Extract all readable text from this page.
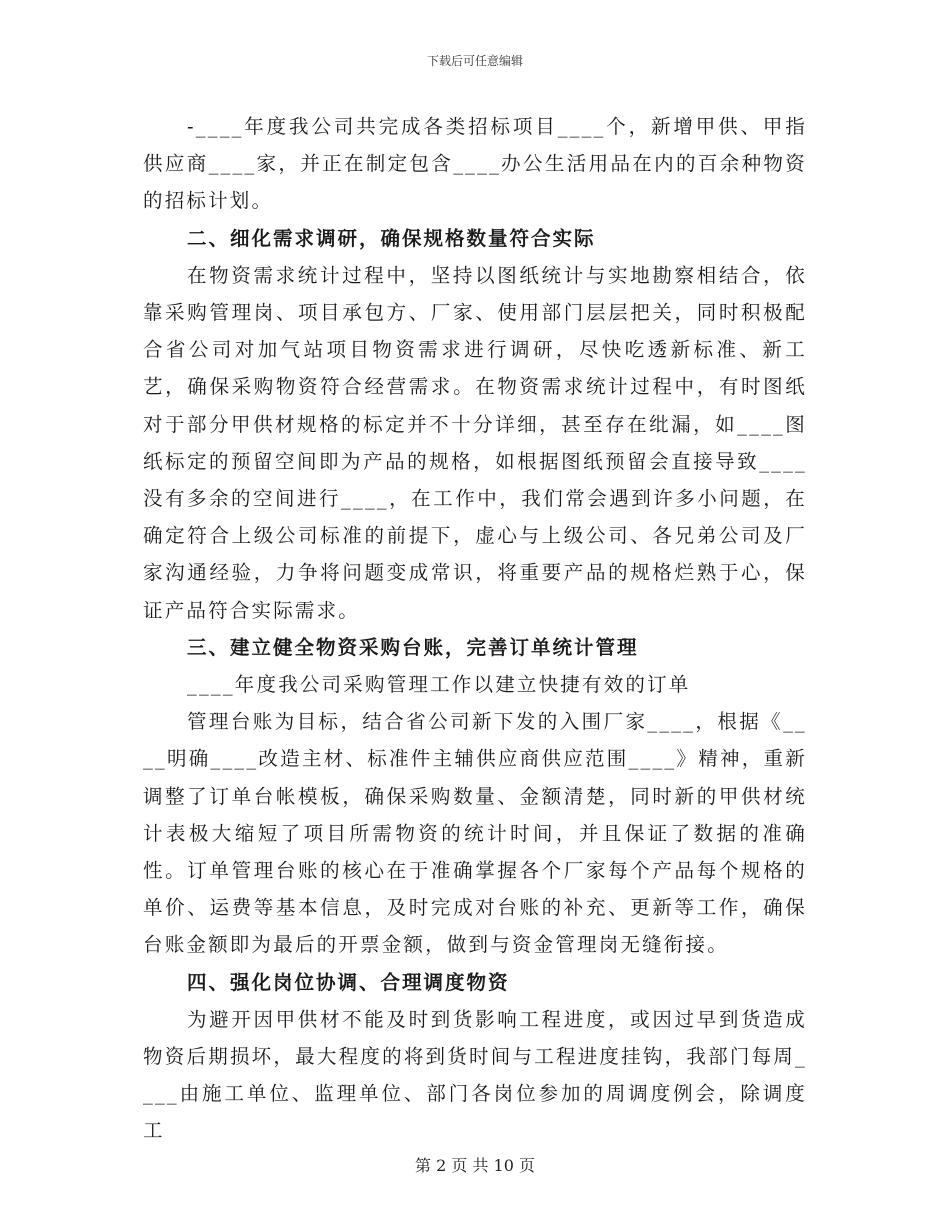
下载后可任意编辑

-____年度我公司共完成各类招标项目____个，新增甲供、甲指供应商____家，并正在制定包含____办公生活用品在内的百余种物资的招标计划。

二、细化需求调研，确保规格数量符合实际

在物资需求统计过程中，坚持以图纸统计与实地勘察相结合，依靠采购管理岗、项目承包方、厂家、使用部门层层把关，同时积极配合省公司对加气站项目物资需求进行调研，尽快吃透新标准、新工艺，确保采购物资符合经营需求。在物资需求统计过程中，有时图纸对于部分甲供材规格的标定并不十分详细，甚至存在纰漏，如____图纸标定的预留空间即为产品的规格，如根据图纸预留会直接导致____没有多余的空间进行____，在工作中，我们常会遇到许多小问题，在确定符合上级公司标准的前提下，虚心与上级公司、各兄弟公司及厂家沟通经验，力争将问题变成常识，将重要产品的规格烂熟于心，保证产品符合实际需求。

三、建立健全物资采购台账，完善订单统计管理

____年度我公司采购管理工作以建立快捷有效的订单

管理台账为目标，结合省公司新下发的入围厂家____，根据《____明确____改造主材、标准件主辅供应商供应范围____》精神，重新调整了订单台帐模板，确保采购数量、金额清楚，同时新的甲供材统计表极大缩短了项目所需物资的统计时间，并且保证了数据的准确性。订单管理台账的核心在于准确掌握各个厂家每个产品每个规格的单价、运费等基本信息，及时完成对台账的补充、更新等工作，确保台账金额即为最后的开票金额，做到与资金管理岗无缝衔接。

四、强化岗位协调、合理调度物资

为避开因甲供材不能及时到货影响工程进度，或因过早到货造成物资后期损坏，最大程度的将到货时间与工程进度挂钩，我部门每周____由施工单位、监理单位、部门各岗位参加的周调度例会，除调度工

第 2 页 共 10 页
